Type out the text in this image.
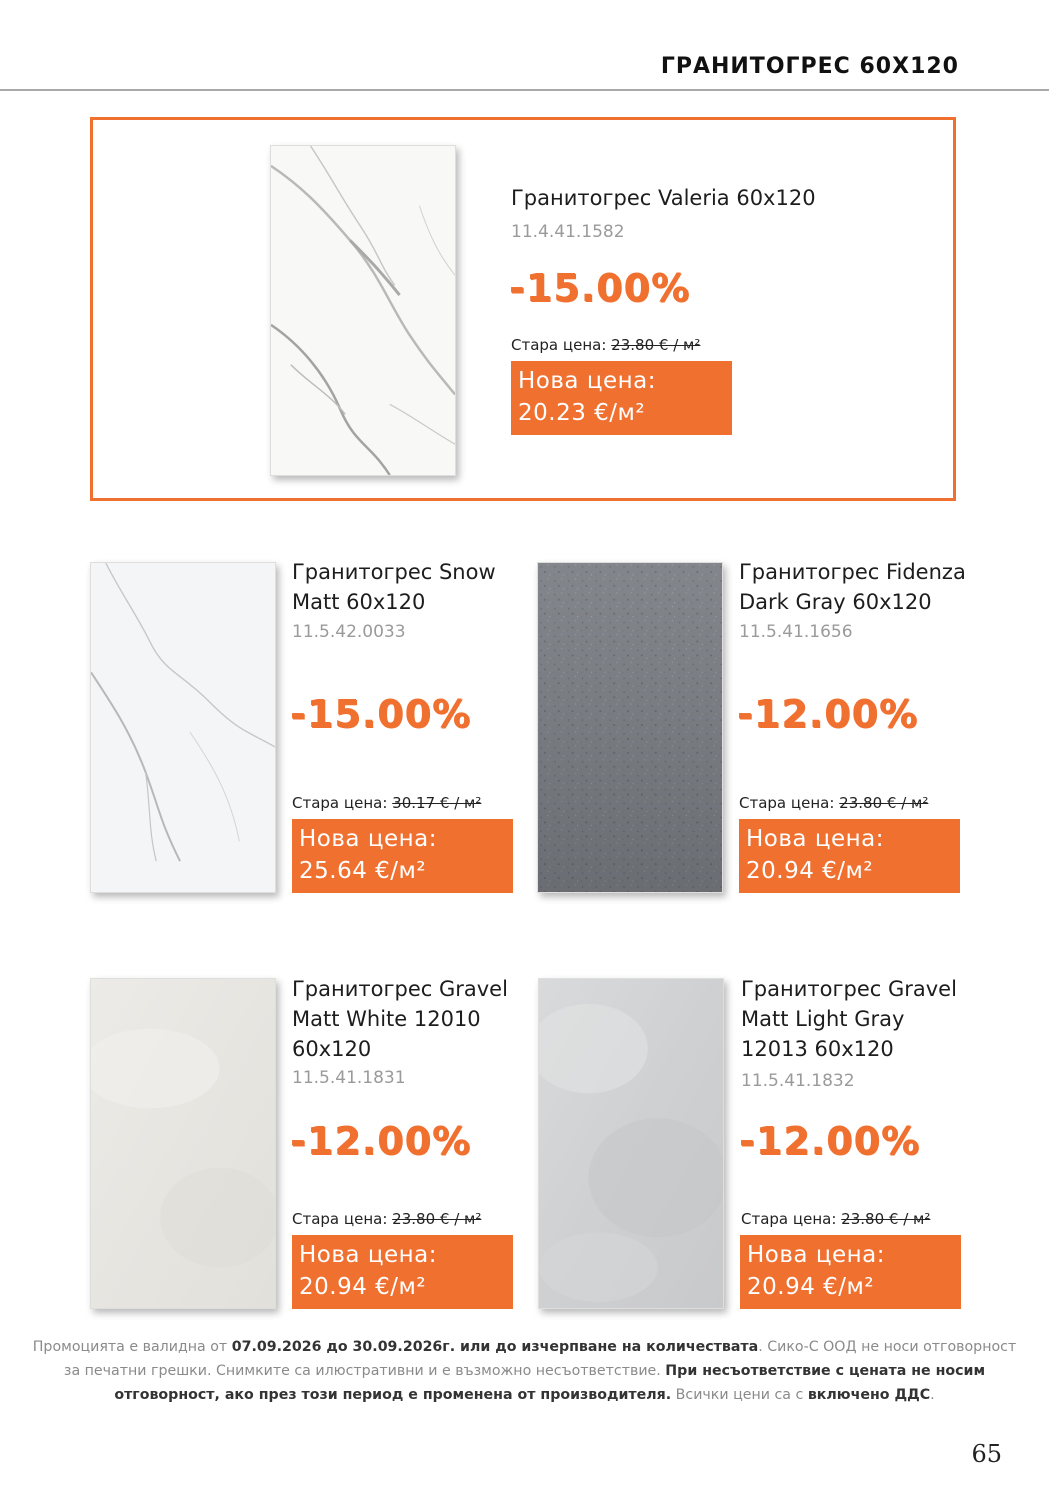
ГРАНИТОГРЕС 60X120
Гранитогрес Valeria 60x120
11.4.41.1582
-15.00%
Стара цена: 23.80 € / м²
Нова цена:
20.23 €/м²
Гранитогрес Snow
Matt 60x120
11.5.42.0033
-15.00%
Стара цена: 30.17 € / м²
Нова цена:
25.64 €/м²
Гранитогрес Fidenza
Dark Gray 60x120
11.5.41.1656
-12.00%
Стара цена: 23.80 € / м²
Нова цена:
20.94 €/м²
Гранитогрес Gravel
Matt White 12010
60x120
11.5.41.1831
-12.00%
Стара цена: 23.80 € / м²
Нова цена:
20.94 €/м²
Гранитогрес Gravel
Matt Light Gray
12013 60x120
11.5.41.1832
-12.00%
Стара цена: 23.80 € / м²
Нова цена:
20.94 €/м²
Промоцията е валидна от 07.09.2026 до 30.09.2026г. или до изчерпване на количествата. Сико-С ООД не носи отговорност за печатни грешки. Снимките са илюстративни и е възможно несъответствие. При несъответствие с цената не носим отговорност, ако през този период е променена от производителя. Всички цени са с включено ДДС.
65
